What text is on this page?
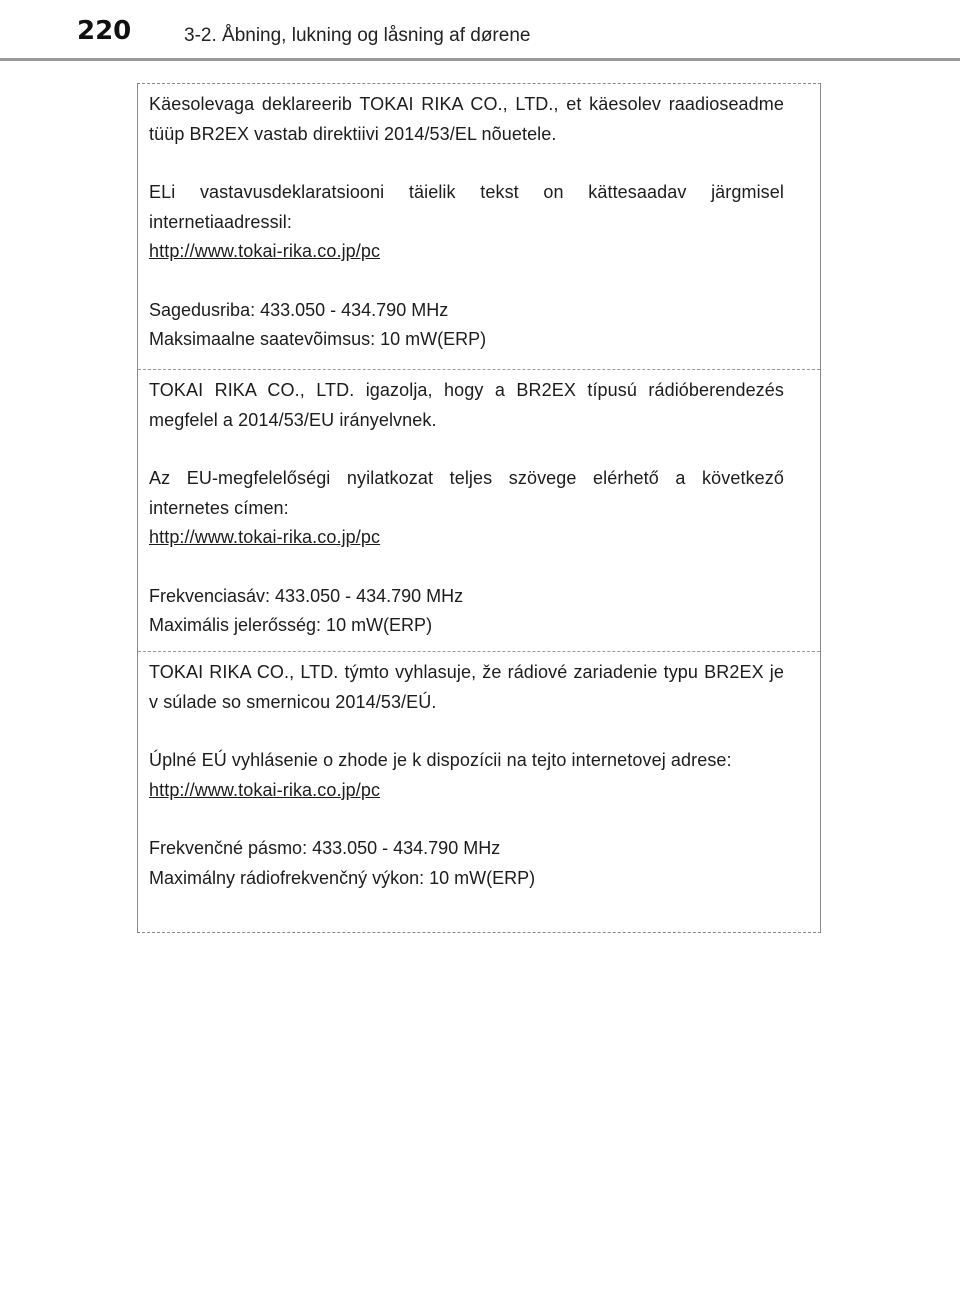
220	3-2. Åbning, lukning og låsning af dørene

Käesolevaga deklareerib TOKAI RIKA CO., LTD., et käesolev raadioseadme tüüp BR2EX vastab direktiivi 2014/53/EL nõuetele.

ELi vastavusdeklaratsiooni täielik tekst on kättesaadav järgmisel internetiaadressil:
http://www.tokai-rika.co.jp/pc

Sagedusriba: 433.050 - 434.790 MHz
Maksimaalne saatevõimsus: 10 mW(ERP)

TOKAI RIKA CO., LTD. igazolja, hogy a BR2EX típusú rádióberendezés megfelel a 2014/53/EU irányelvnek.

Az EU-megfelelőségi nyilatkozat teljes szövege elérhető a következő internetes címen:
http://www.tokai-rika.co.jp/pc

Frekvenciasáv: 433.050 - 434.790 MHz
Maximális jelerősség: 10 mW(ERP)

TOKAI RIKA CO., LTD. týmto vyhlasuje, že rádiové zariadenie typu BR2EX je v súlade so smernicou 2014/53/EÚ.

Úplné EÚ vyhlásenie o zhode je k dispozícii na tejto internetovej adrese:
http://www.tokai-rika.co.jp/pc

Frekvenčné pásmo: 433.050 - 434.790 MHz
Maximálny rádiofrekvenčný výkon: 10 mW(ERP)
